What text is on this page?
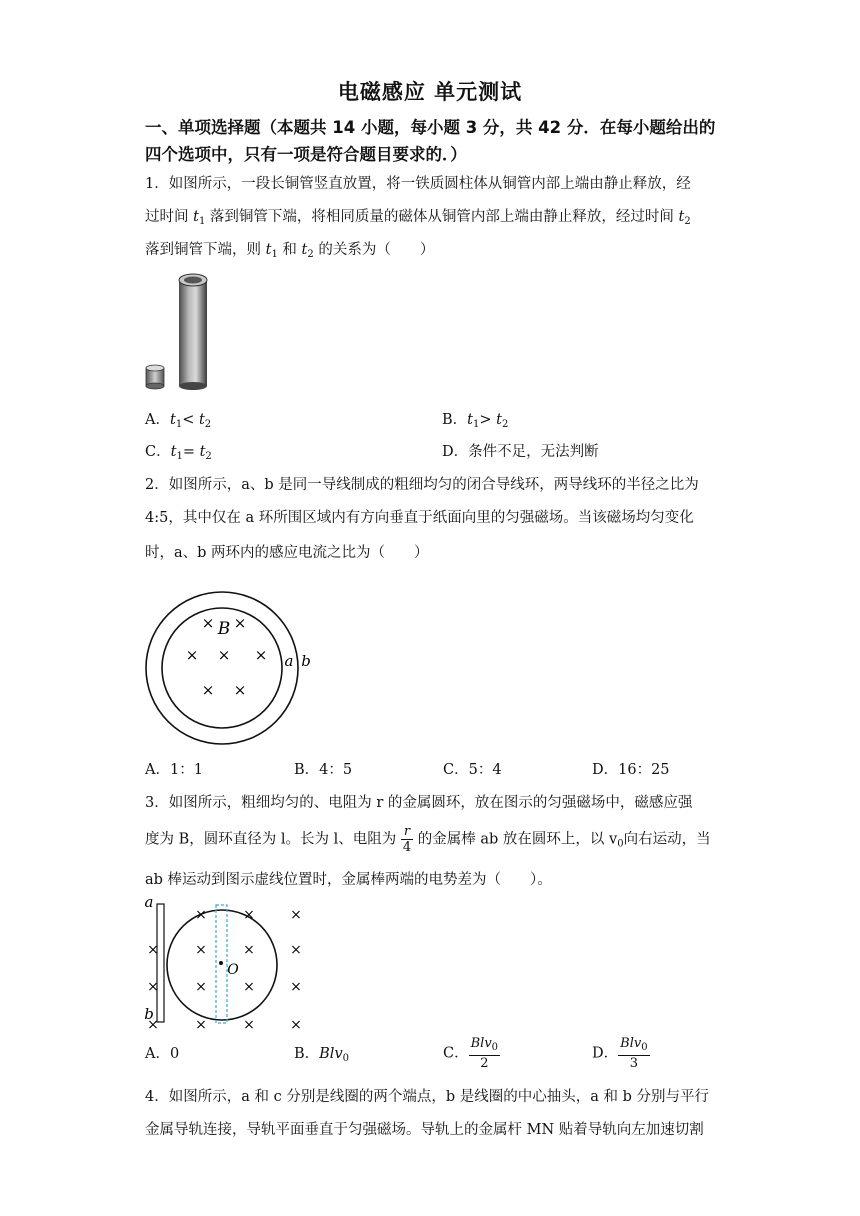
电磁感应 单元测试
一、单项选择题（本题共 14 小题，每小题 3 分，共 42 分．在每小题给出的
四个选项中，只有一项是符合题目要求的．）
1．如图所示，一段长铜管竖直放置，将一铁质圆柱体从铜管内部上端由静止释放，经
过时间 $t_1$ 落到铜管下端，将相同质量的磁体从铜管内部上端由静止释放，经过时间 $t_2$
落到铜管下端，则 $t_1$ 和 $t_2$ 的关系为（　　）
A．$t_1< t_2$	B．$t_1> t_2$
C．$t_1= t_2$	D．条件不足，无法判断
2．如图所示，a、b 是同一导线制成的粗细均匀的闭合导线环，两导线环的半径之比为
4:5，其中仅在 a 环所围区域内有方向垂直于纸面向里的匀强磁场。当该磁场均匀变化
时，a、b 两环内的感应电流之比为（　　）
× B ×
× × ×
× ×
a b
A．1：1	B．4：5	C．5：4	D．16：25
3．如图所示，粗细均匀的、电阻为 r 的金属圆环，放在图示的匀强磁场中，磁感应强
度为 B，圆环直径为 l。长为 l、电阻为 $\frac{r}{4}$ 的金属棒 ab 放在圆环上，以 $v_0$向右运动，当
ab 棒运动到图示虚线位置时，金属棒两端的电势差为（　　）。
a
b
O
×	×	×
×	×	×	×
×	×	×	×
×	×	×	×
A．0	B．Blv$_0$	C． $\frac{Blv_0}{2}$	D． $\frac{Blv_0}{3}$
4．如图所示，a 和 c 分别是线圈的两个端点，b 是线圈的中心抽头，a 和 b 分别与平行
金属导轨连接，导轨平面垂直于匀强磁场。导轨上的金属杆 MN 贴着导轨向左加速切割
